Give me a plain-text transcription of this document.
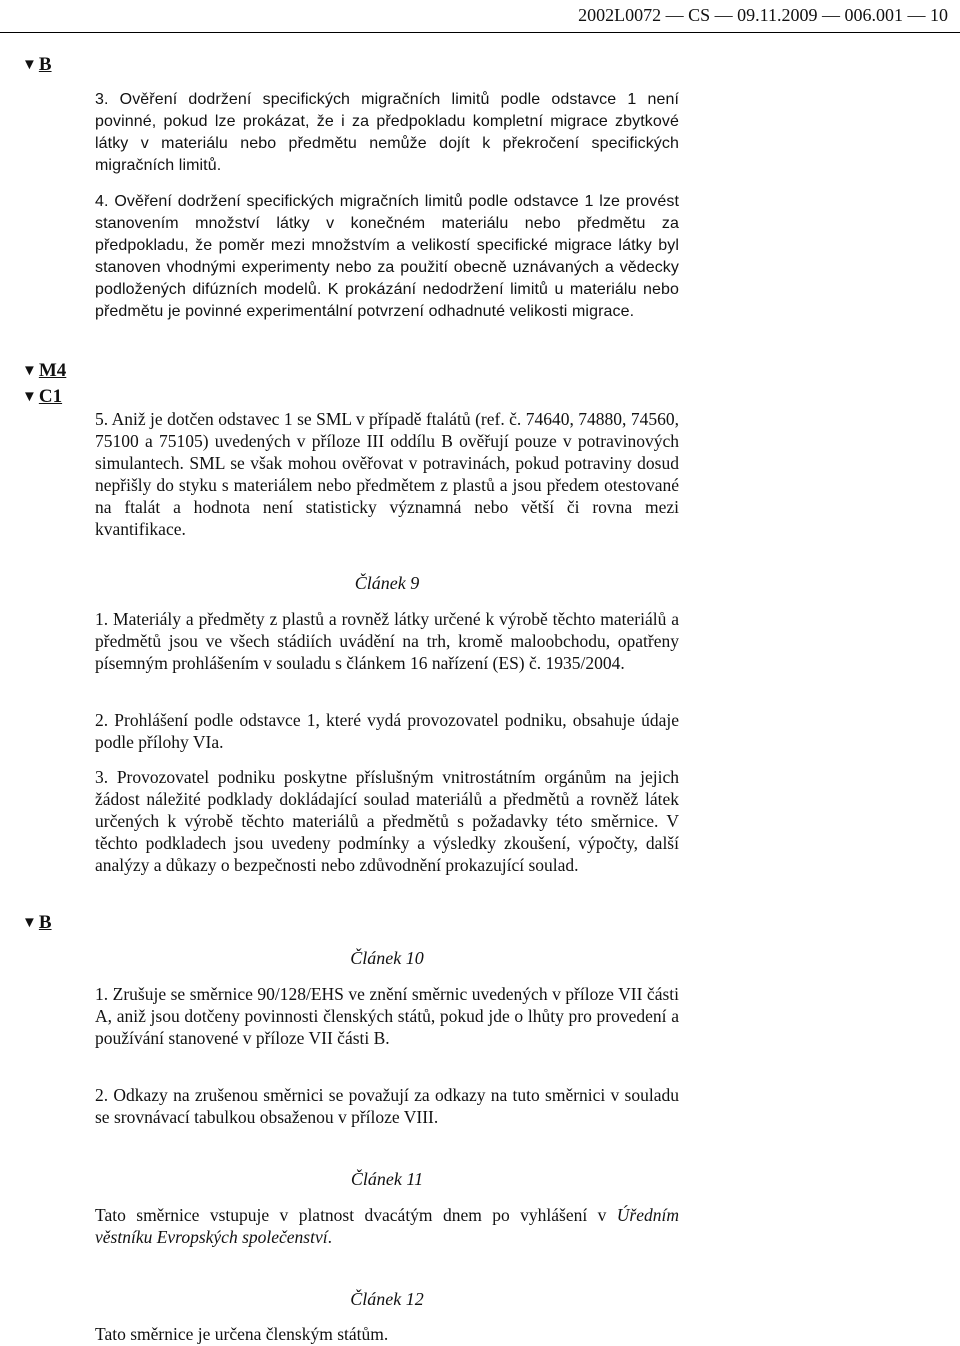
2002L0072 — CS — 09.11.2009 — 006.001 — 10
▼ B
▼ M4
▼ C1
▼ B
3. Ověření dodržení specifických migračních limitů podle odstavce 1 není povinné, pokud lze prokázat, že i za předpokladu kompletní migrace zbytkové látky v materiálu nebo předmětu nemůže dojít k překročení specifických migračních limitů.
4. Ověření dodržení specifických migračních limitů podle odstavce 1 lze provést stanovením množství látky v konečném materiálu nebo předmětu za předpokladu, že poměr mezi množstvím a velikostí specifické migrace látky byl stanoven vhodnými experimenty nebo za použití obecně uznávaných a vědecky podložených difúzních modelů. K prokázání nedodržení limitů u materiálu nebo předmětu je povinné experimentální potvrzení odhadnuté velikosti migrace.
5. Aniž je dotčen odstavec 1 se SML v případě ftalátů (ref. č. 74640, 74880, 74560, 75100 a 75105) uvedených v příloze III oddílu B ověřují pouze v potravinových simulantech. SML se však mohou ověřovat v potravinách, pokud potraviny dosud nepřišly do styku s materiálem nebo předmětem z plastů a jsou předem otestované na ftalát a hodnota není statisticky významná nebo větší či rovna mezi kvantifikace.
Článek 9
1. Materiály a předměty z plastů a rovněž látky určené k výrobě těchto materiálů a předmětů jsou ve všech stádiích uvádění na trh, kromě maloobchodu, opatřeny písemným prohlášením v souladu s článkem 16 nařízení (ES) č. 1935/2004.
2. Prohlášení podle odstavce 1, které vydá provozovatel podniku, obsahuje údaje podle přílohy VIa.
3. Provozovatel podniku poskytne příslušným vnitrostátním orgánům na jejich žádost náležité podklady dokládající soulad materiálů a předmětů a rovněž látek určených k výrobě těchto materiálů a předmětů s požadavky této směrnice. V těchto podkladech jsou uvedeny podmínky a výsledky zkoušení, výpočty, další analýzy a důkazy o bezpečnosti nebo zdůvodnění prokazující soulad.
Článek 10
1. Zrušuje se směrnice 90/128/EHS ve znění směrnic uvedených v příloze VII části A, aniž jsou dotčeny povinnosti členských států, pokud jde o lhůty pro provedení a používání stanovené v příloze VII části B.
2. Odkazy na zrušenou směrnici se považují za odkazy na tuto směrnici v souladu se srovnávací tabulkou obsaženou v příloze VIII.
Článek 11
Tato směrnice vstupuje v platnost dvacátým dnem po vyhlášení v Úředním věstníku Evropských společenství.
Článek 12
Tato směrnice je určena členským státům.
